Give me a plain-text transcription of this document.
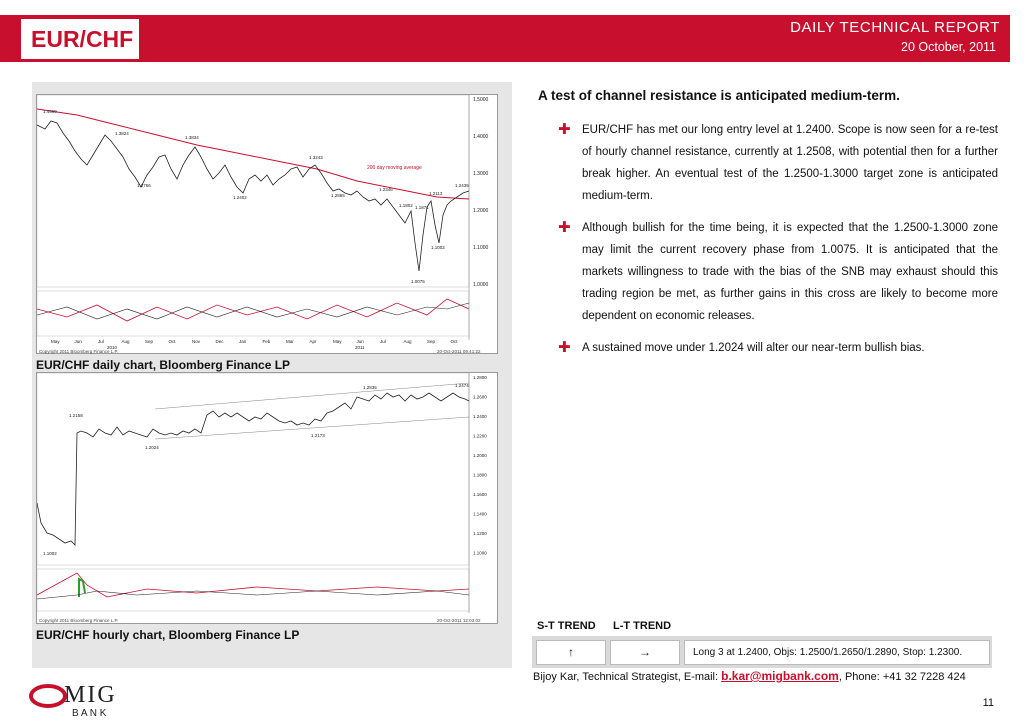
EUR/CHF	DAILY TECHNICAL REPORT
20 October, 2011
1.5000
1.4000
1.3000
1.2000
1.1000
1.0000
1.4569
1.3824
1.3834
1.3243
1.2766
1.2402	1.2865
1.2346
1.2435
1.2113
1.1871
1.1802
1.1002
1.0075
200 day moving average
May	Jun	Jul	Aug	Sep	Oct	Nov	Dec	Jan	Feb	Mar	Apr	May	Jun	Jul	Aug	Sep	Oct
2010	2011
Copyright 2011 Bloomberg Finance L.P.	20-Oct-2011 09:41:22
EUR/CHF daily chart, Bloomberg Finance LP
1.2800
1.2600
1.2400
1.2200
1.2000
1.1800
1.1600
1.1400
1.1200
1.1000
1.2835	1.2474
1.2158
1.2024
1.2173
1.1002
Copyright 2011 Bloomberg Finance L.P.	20-Oct-2011 12:03:02
EUR/CHF hourly chart, Bloomberg Finance LP
A test of channel resistance is anticipated medium-term.
✚ EUR/CHF has met our long entry level at 1.2400. Scope is now seen for a re-test of hourly channel resistance, currently at 1.2508, with potential then for a further break higher. An eventual test of the 1.2500-1.3000 target zone is anticipated medium-term.
✚ Although bullish for the time being, it is expected that the 1.2500-1.3000 zone may limit the current recovery phase from 1.0075. It is anticipated that the markets willingness to trade with the bias of the SNB may exhaust should this trading region be met, as further gains in this cross are likely to become more dependent on economic releases.
✚ A sustained move under 1.2024 will alter our near-term bullish bias.
S-T TREND L-T TREND
↑	→	Long 3 at 1.2400, Objs: 1.2500/1.2650/1.2890, Stop: 1.2300.
Bijoy Kar, Technical Strategist, E-mail: b.kar@migbank.com, Phone: +41 32 7228 424
11
MIG
B A N K
